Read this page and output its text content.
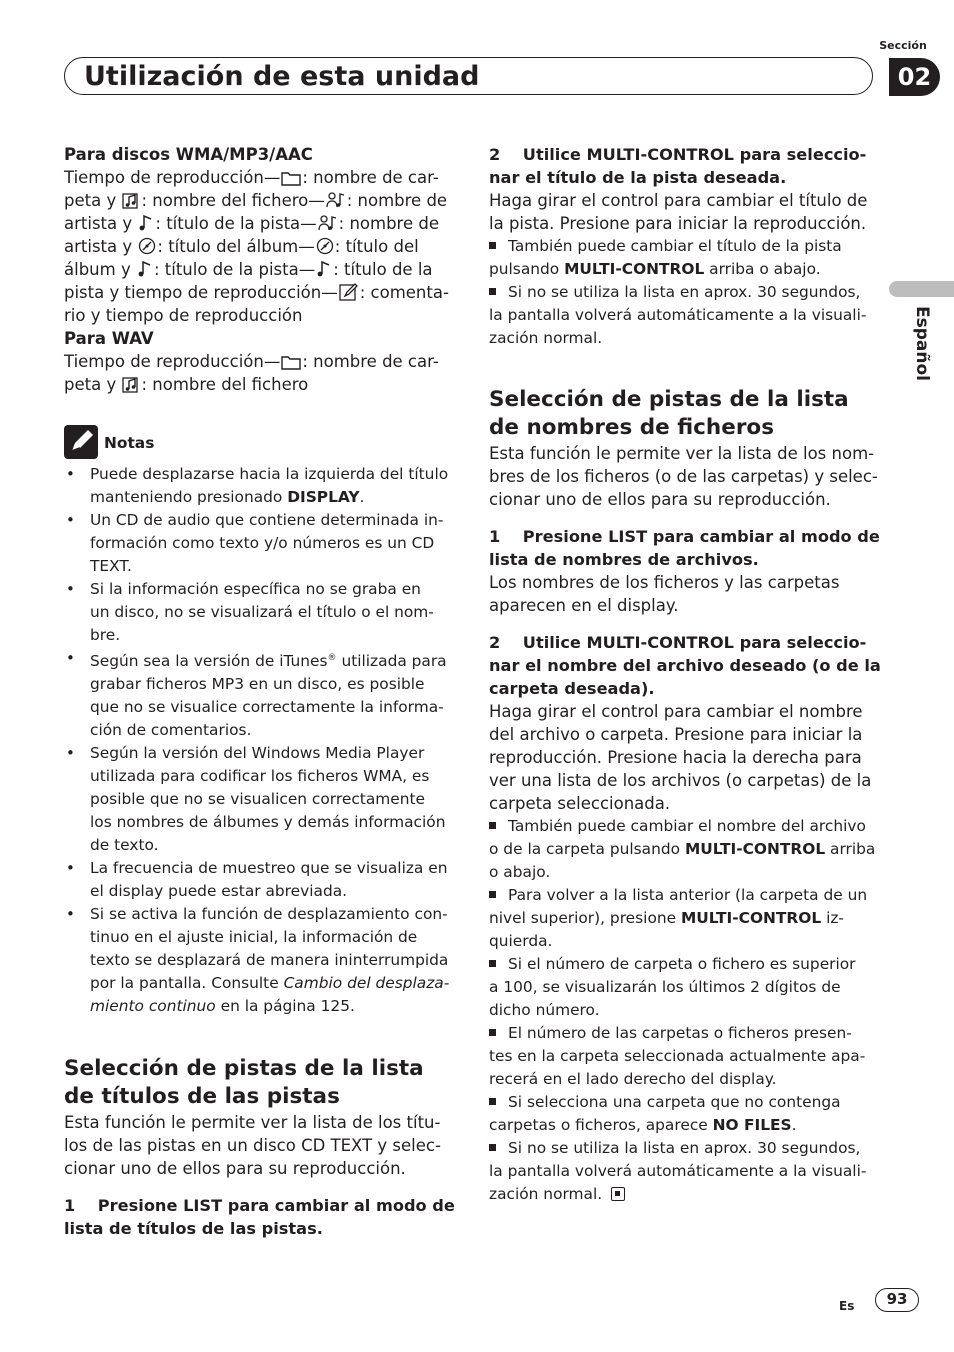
Utilización de esta unidad
Sección
02
Español

Para discos WMA/MP3/AAC

Tiempo de reproducción— : nombre de car-

peta y : nombre del fichero— : nombre de

artista y : título de la pista— : nombre de

artista y : título del álbum— : título del

álbum y : título de la pista— : título de la

pista y tiempo de reproducción— : comenta-

rio y tiempo de reproducción

Para WAV

Tiempo de reproducción— : nombre de car-

peta y : nombre del fichero

Notas

• Puede desplazarse hacia la izquierda del título

manteniendo presionado DISPLAY.

• Un CD de audio que contiene determinada in-

formación como texto y/o números es un CD

TEXT.

• Si la información específica no se graba en

un disco, no se visualizará el título o el nom-

bre.

• Según sea la versión de iTunes® utilizada para

grabar ficheros MP3 en un disco, es posible

que no se visualice correctamente la informa-

ción de comentarios.

• Según la versión del Windows Media Player

utilizada para codificar los ficheros WMA, es

posible que no se visualicen correctamente

los nombres de álbumes y demás información

de texto.

• La frecuencia de muestreo que se visualiza en

el display puede estar abreviada.

• Si se activa la función de desplazamiento con-

tinuo en el ajuste inicial, la información de

texto se desplazará de manera ininterrumpida

por la pantalla. Consulte Cambio del desplaza-

miento continuo en la página 125.

Selección de pistas de la lista

de títulos de las pistas

Esta función le permite ver la lista de los títu-

los de las pistas en un disco CD TEXT y selec-

cionar uno de ellos para su reproducción.

1    Presione LIST para cambiar al modo de

lista de títulos de las pistas.

2    Utilice MULTI-CONTROL para seleccio-

nar el título de la pista deseada.

Haga girar el control para cambiar el título de

la pista. Presione para iniciar la reproducción.

También puede cambiar el título de la pista

pulsando MULTI-CONTROL arriba o abajo.

Si no se utiliza la lista en aprox. 30 segundos,

la pantalla volverá automáticamente a la visuali-

zación normal.

Selección de pistas de la lista

de nombres de ficheros

Esta función le permite ver la lista de los nom-

bres de los ficheros (o de las carpetas) y selec-

cionar uno de ellos para su reproducción.

1    Presione LIST para cambiar al modo de

lista de nombres de archivos.

Los nombres de los ficheros y las carpetas

aparecen en el display.

2    Utilice MULTI-CONTROL para seleccio-

nar el nombre del archivo deseado (o de la

carpeta deseada).

Haga girar el control para cambiar el nombre

del archivo o carpeta. Presione para iniciar la

reproducción. Presione hacia la derecha para

ver una lista de los archivos (o carpetas) de la

carpeta seleccionada.

También puede cambiar el nombre del archivo

o de la carpeta pulsando MULTI-CONTROL arriba

o abajo.

Para volver a la lista anterior (la carpeta de un

nivel superior), presione MULTI-CONTROL iz-

quierda.

Si el número de carpeta o fichero es superior

a 100, se visualizarán los últimos 2 dígitos de

dicho número.

El número de las carpetas o ficheros presen-

tes en la carpeta seleccionada actualmente apa-

recerá en el lado derecho del display.

Si selecciona una carpeta que no contenga

carpetas o ficheros, aparece NO FILES.

Si no se utiliza la lista en aprox. 30 segundos,

la pantalla volverá automáticamente a la visuali-

zación normal.

Es	93
